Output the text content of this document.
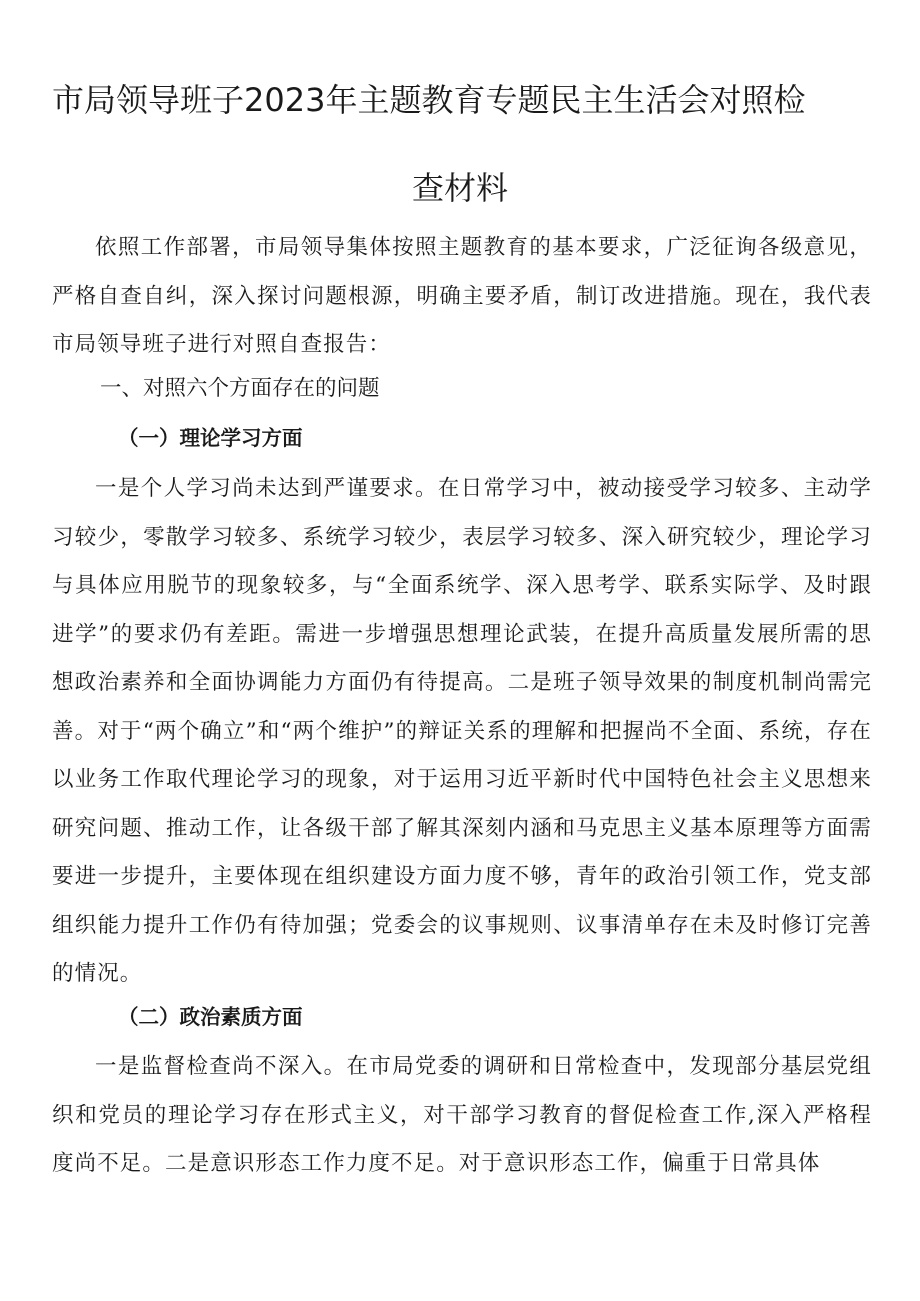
市局领导班子2023年主题教育专题民主生活会对照检
查材料

依照工作部署，市局领导集体按照主题教育的基本要求，广泛征询各级意见，严格自查自纠，深入探讨问题根源，明确主要矛盾，制订改进措施。现在，我代表市局领导班子进行对照自查报告：

一、对照六个方面存在的问题
（一）理论学习方面

一是个人学习尚未达到严谨要求。在日常学习中，被动接受学习较多、主动学习较少，零散学习较多、系统学习较少，表层学习较多、深入研究较少，理论学习与具体应用脱节的现象较多，与“全面系统学、深入思考学、联系实际学、及时跟进学”的要求仍有差距。需进一步增强思想理论武装，在提升高质量发展所需的思想政治素养和全面协调能力方面仍有待提高。二是班子领导效果的制度机制尚需完善。对于“两个确立”和“两个维护”的辩证关系的理解和把握尚不全面、系统，存在以业务工作取代理论学习的现象，对于运用习近平新时代中国特色社会主义思想来研究问题、推动工作，让各级干部了解其深刻内涵和马克思主义基本原理等方面需要进一步提升，主要体现在组织建设方面力度不够，青年的政治引领工作，党支部组织能力提升工作仍有待加强；党委会的议事规则、议事清单存在未及时修订完善的情况。

（二）政治素质方面

一是监督检查尚不深入。在市局党委的调研和日常检查中，发现部分基层党组织和党员的理论学习存在形式主义，对干部学习教育的督促检查工作,深入严格程度尚不足。二是意识形态工作力度不足。对于意识形态工作，偏重于日常具体
